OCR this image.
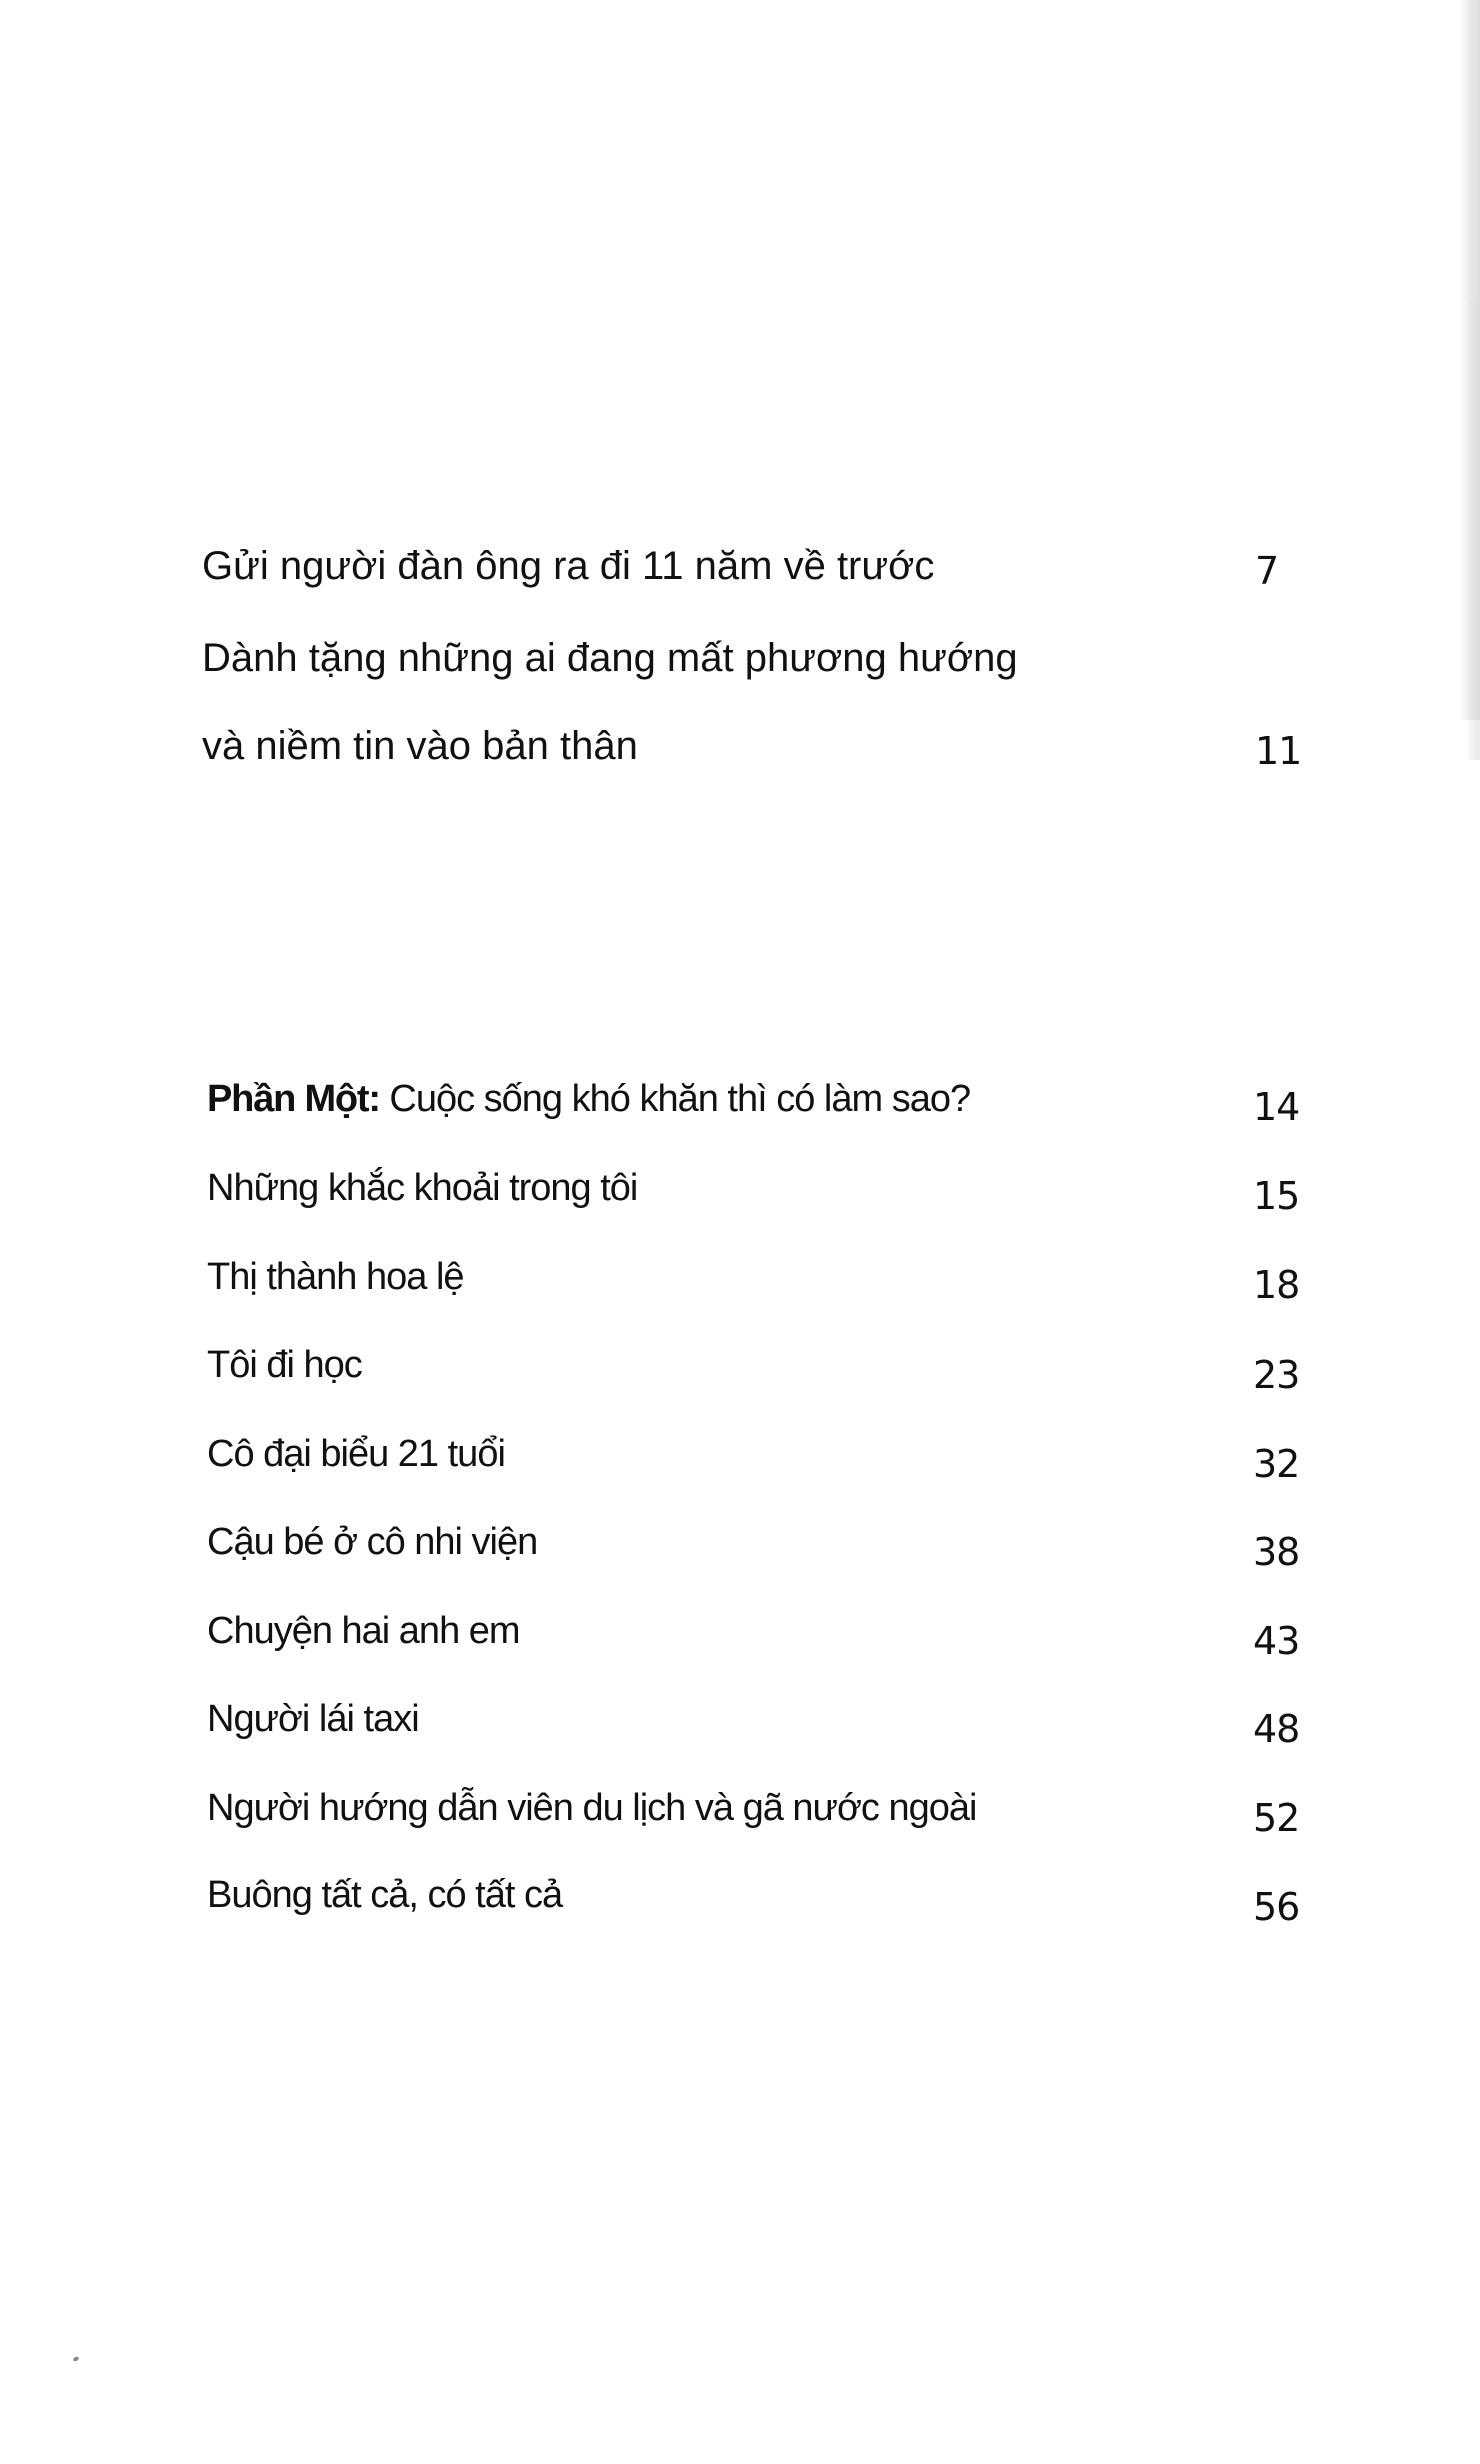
Gửi người đàn ông ra đi 11 năm về trước	7
Dành tặng những ai đang mất phương hướng
và niềm tin vào bản thân	11
Phần Một: Cuộc sống khó khăn thì có làm sao?	14
Những khắc khoải trong tôi	15
Thị thành hoa lệ	18
Tôi đi học	23
Cô đại biểu 21 tuổi	32
Cậu bé ở cô nhi viện	38
Chuyện hai anh em	43
Người lái taxi	48
Người hướng dẫn viên du lịch và gã nước ngoài	52
Buông tất cả, có tất cả	56
